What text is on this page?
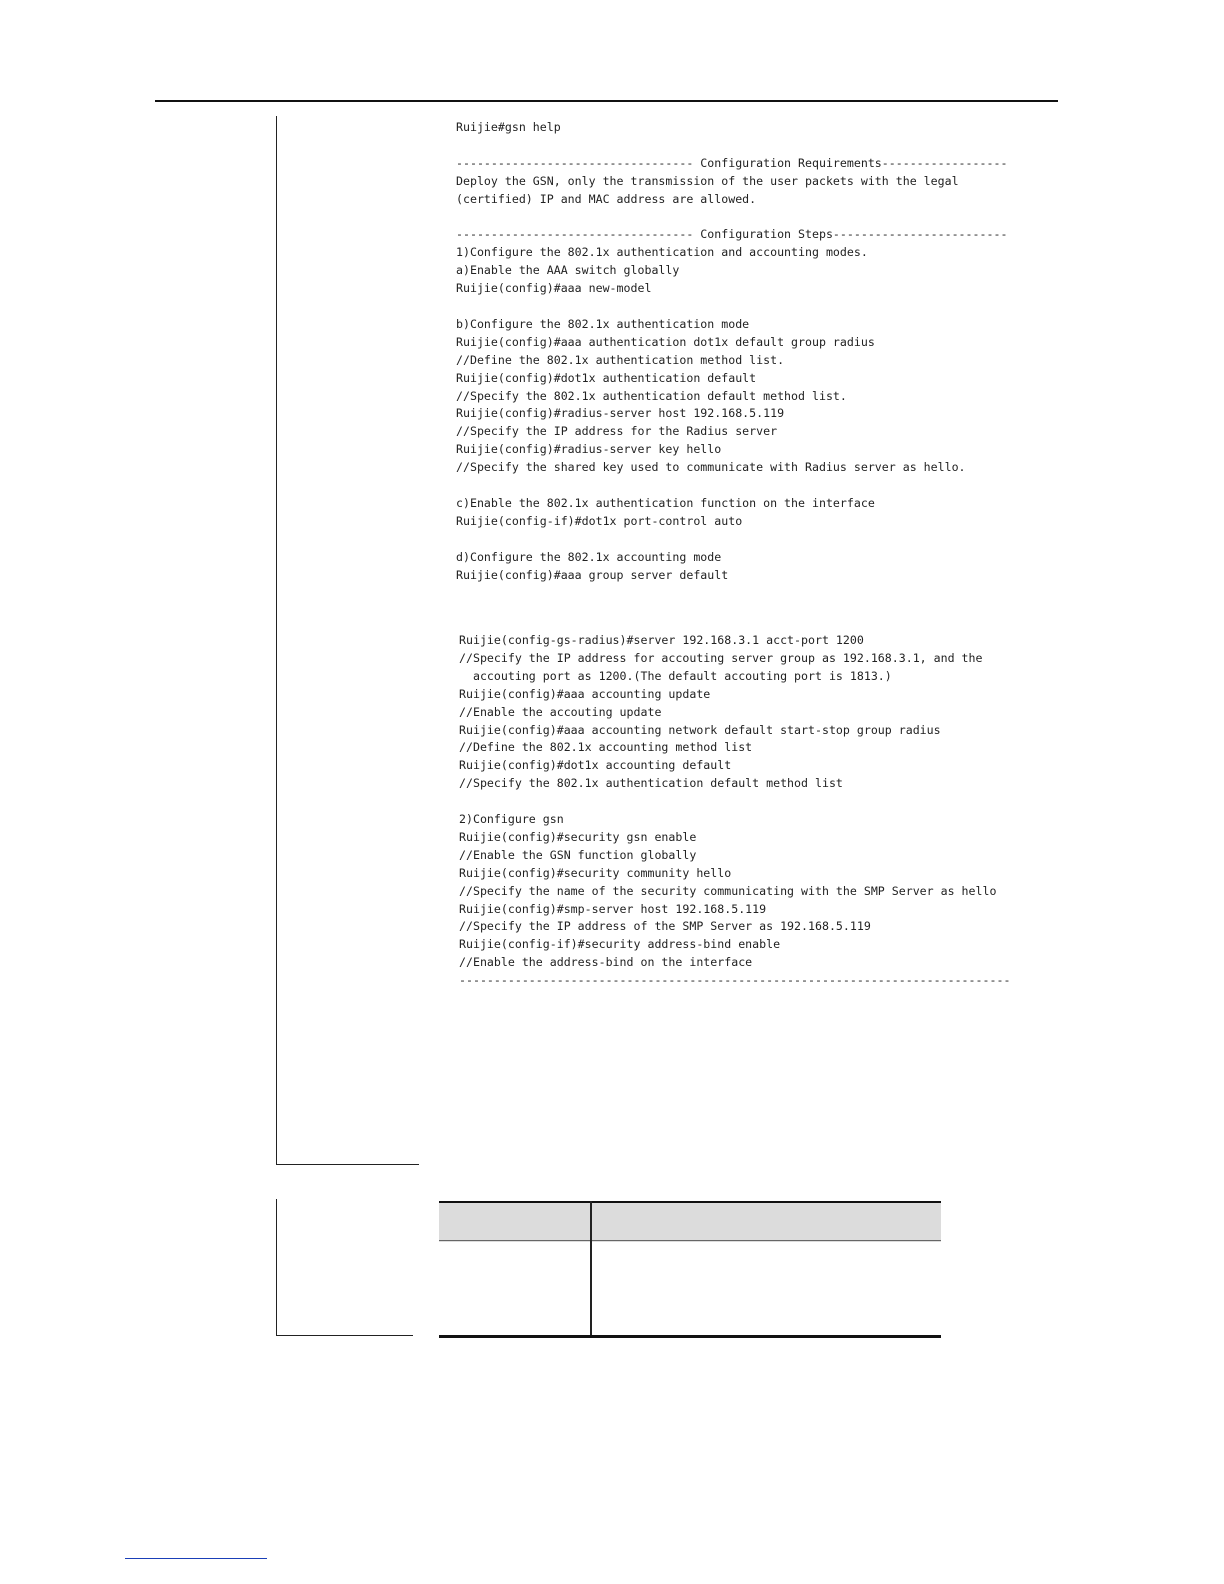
Ruijie#gsn help
---------------------------------- Configuration Requirements------------------
Deploy the GSN, only the transmission of the user packets with the legal
(certified) IP and MAC address are allowed.
---------------------------------- Configuration Steps-------------------------
1)Configure the 802.1x authentication and accounting modes.
a)Enable the AAA switch globally
Ruijie(config)#aaa new-model
b)Configure the 802.1x authentication mode
Ruijie(config)#aaa authentication dot1x default group radius
//Define the 802.1x authentication method list.
Ruijie(config)#dot1x authentication default
//Specify the 802.1x authentication default method list.
Ruijie(config)#radius-server host 192.168.5.119
//Specify the IP address for the Radius server
Ruijie(config)#radius-server key hello
//Specify the shared key used to communicate with Radius server as hello.
c)Enable the 802.1x authentication function on the interface
Ruijie(config-if)#dot1x port-control auto
d)Configure the 802.1x accounting mode
Ruijie(config)#aaa group server default
Ruijie(config-gs-radius)#server 192.168.3.1 acct-port 1200
//Specify the IP address for accouting server group as 192.168.3.1, and the
accouting port as 1200.(The default accouting port is 1813.)
Ruijie(config)#aaa accounting update
//Enable the accouting update
Ruijie(config)#aaa accounting network default start-stop group radius
//Define the 802.1x accounting method list
Ruijie(config)#dot1x accounting default
//Specify the 802.1x authentication default method list
2)Configure gsn
Ruijie(config)#security gsn enable
//Enable the GSN function globally
Ruijie(config)#security community hello
//Specify the name of the security communicating with the SMP Server as hello
Ruijie(config)#smp-server host 192.168.5.119
//Specify the IP address of the SMP Server as 192.168.5.119
Ruijie(config-if)#security address-bind enable
//Enable the address-bind on the interface
-------------------------------------------------------------------------------
